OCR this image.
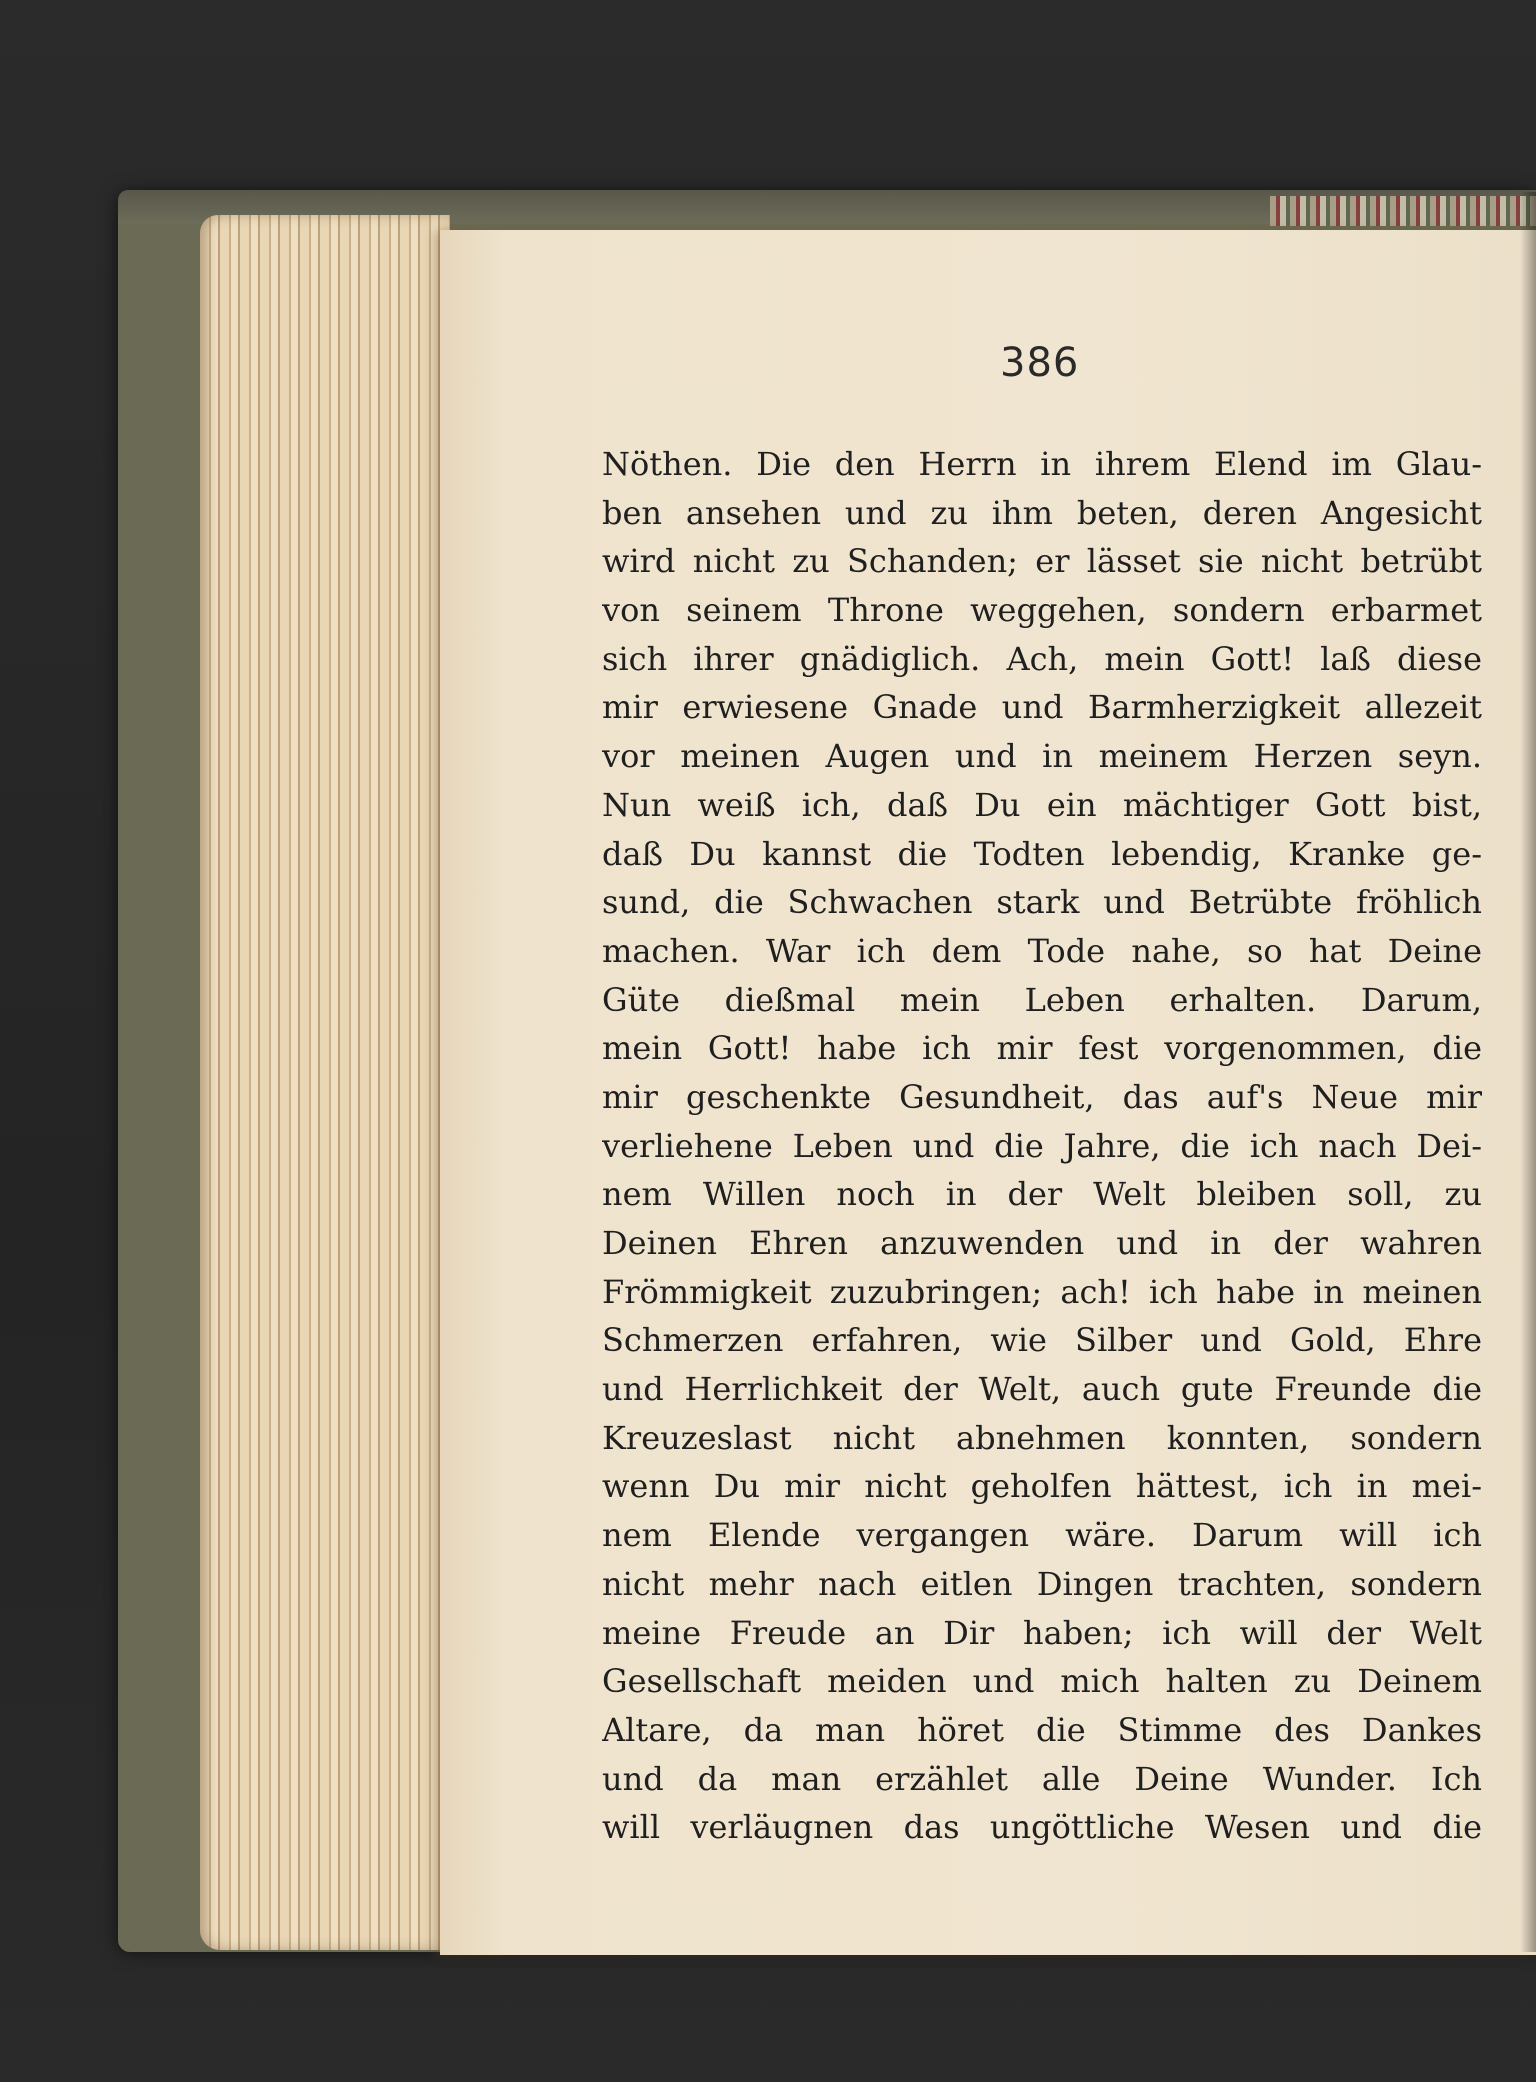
386
Nöthen. Die den Herrn in ihrem Elend im Glau-
ben ansehen und zu ihm beten, deren Angesicht
wird nicht zu Schanden; er lässet sie nicht betrübt
von seinem Throne weggehen, sondern erbarmet
sich ihrer gnädiglich. Ach, mein Gott! laß diese
mir erwiesene Gnade und Barmherzigkeit allezeit
vor meinen Augen und in meinem Herzen seyn.
Nun weiß ich, daß Du ein mächtiger Gott bist,
daß Du kannst die Todten lebendig, Kranke ge-
sund, die Schwachen stark und Betrübte fröhlich
machen. War ich dem Tode nahe, so hat Deine
Güte dießmal mein Leben erhalten. Darum,
mein Gott! habe ich mir fest vorgenommen, die
mir geschenkte Gesundheit, das auf's Neue mir
verliehene Leben und die Jahre, die ich nach Dei-
nem Willen noch in der Welt bleiben soll, zu
Deinen Ehren anzuwenden und in der wahren
Frömmigkeit zuzubringen; ach! ich habe in meinen
Schmerzen erfahren, wie Silber und Gold, Ehre
und Herrlichkeit der Welt, auch gute Freunde die
Kreuzeslast nicht abnehmen konnten, sondern
wenn Du mir nicht geholfen hättest, ich in mei-
nem Elende vergangen wäre. Darum will ich
nicht mehr nach eitlen Dingen trachten, sondern
meine Freude an Dir haben; ich will der Welt
Gesellschaft meiden und mich halten zu Deinem
Altare, da man höret die Stimme des Dankes
und da man erzählet alle Deine Wunder. Ich
will verläugnen das ungöttliche Wesen und die
